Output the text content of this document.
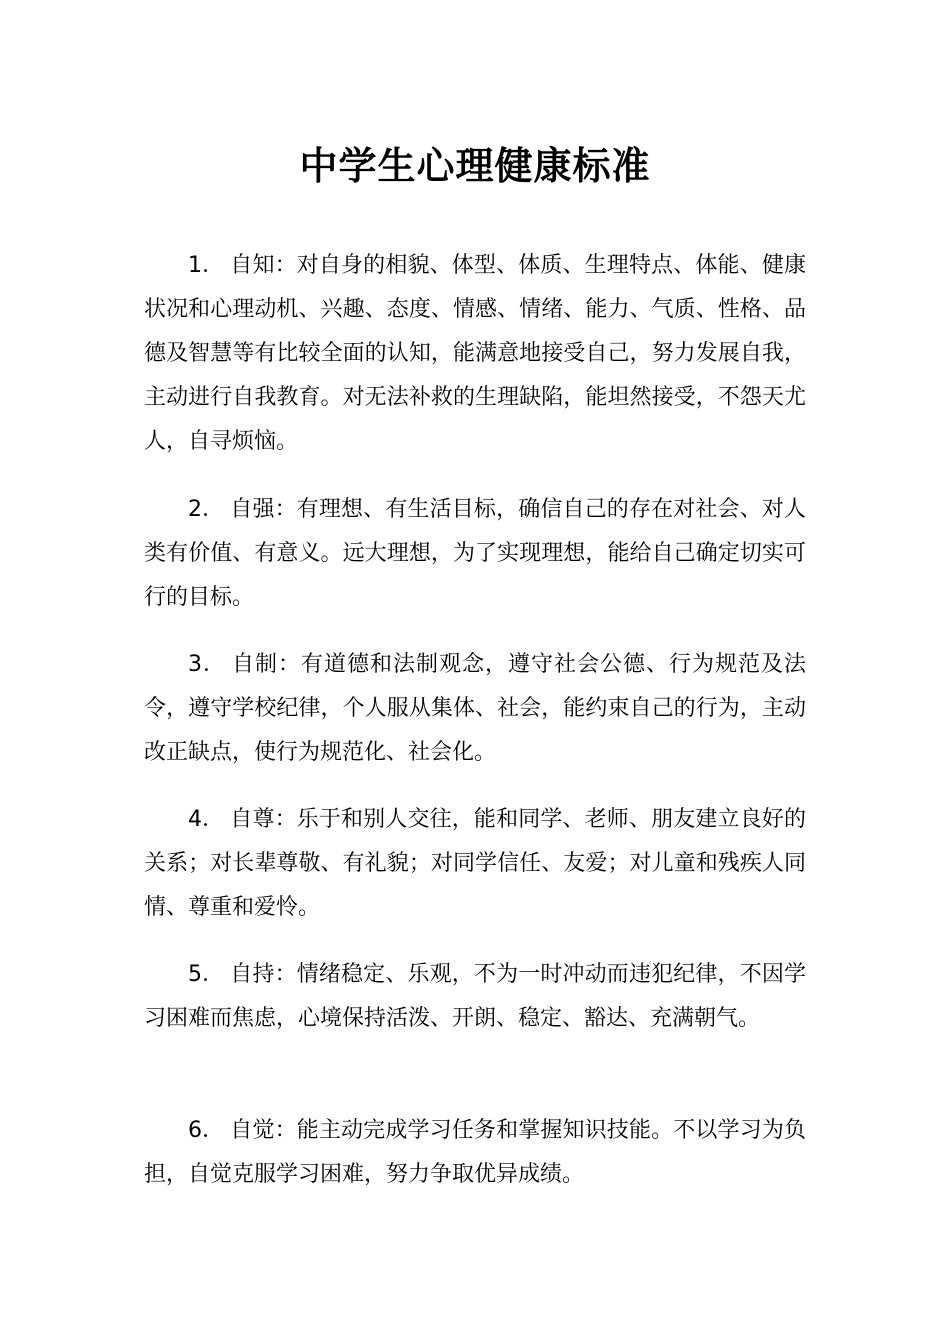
中学生心理健康标准

1． 自知：对自身的相貌、体型、体质、生理特点、体能、健康状况和心理动机、兴趣、态度、情感、情绪、能力、气质、性格、品德及智慧等有比较全面的认知，能满意地接受自己，努力发展自我，主动进行自我教育。对无法补救的生理缺陷，能坦然接受，不怨天尤人，自寻烦恼。

2． 自强：有理想、有生活目标，确信自己的存在对社会、对人类有价值、有意义。远大理想，为了实现理想，能给自己确定切实可行的目标。

3． 自制：有道德和法制观念，遵守社会公德、行为规范及法令，遵守学校纪律，个人服从集体、社会，能约束自己的行为，主动改正缺点，使行为规范化、社会化。

4． 自尊：乐于和别人交往，能和同学、老师、朋友建立良好的关系；对长辈尊敬、有礼貌；对同学信任、友爱；对儿童和残疾人同情、尊重和爱怜。

5． 自持：情绪稳定、乐观，不为一时冲动而违犯纪律，不因学习困难而焦虑，心境保持活泼、开朗、稳定、豁达、充满朝气。

6． 自觉：能主动完成学习任务和掌握知识技能。不以学习为负担，自觉克服学习困难，努力争取优异成绩。
